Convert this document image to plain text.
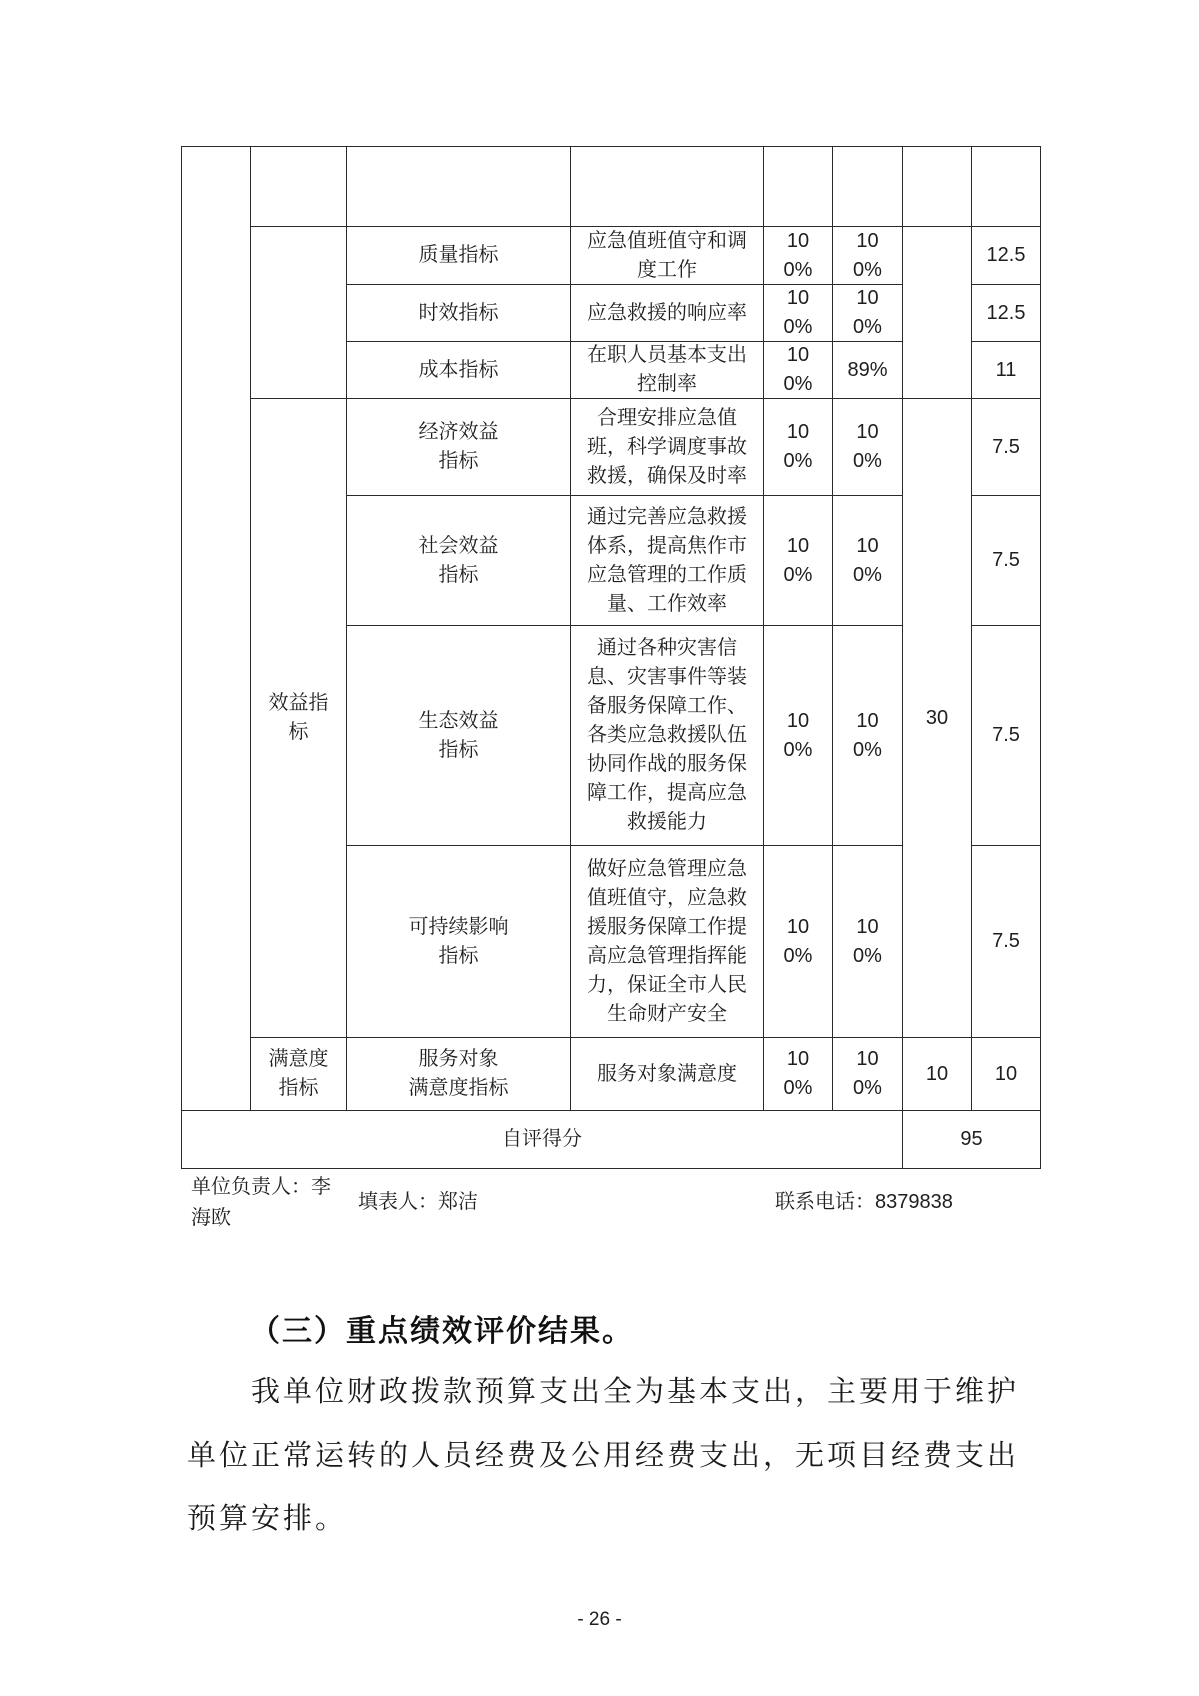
效益指标
满意度指标
质量指标
时效指标
成本指标
经济效益
指标
社会效益
指标
生态效益
指标
可持续影响
指标
服务对象
满意度指标
应急值班值守和调度工作
应急救援的响应率
在职人员基本支出控制率
合理安排应急值班，科学调度事故救援，确保及时率
通过完善应急救援体系，提高焦作市应急管理的工作质量、工作效率
通过各种灾害信息、灾害事件等装备服务保障工作、各类应急救援队伍协同作战的服务保障工作，提高应急救援能力
做好应急管理应急值班值守，应急救援服务保障工作提高应急管理指挥能力，保证全市人民生命财产安全
服务对象满意度
100%
100%
100%
100%
100%
100%
100%
100%
100%
100%
89%
100%
100%
100%
100%
100%
30
10
12.5
12.5
11
7.5
7.5
7.5
7.5
10
自评得分	95
单位负责人：李海欧
填表人：郑洁	联系电话：8379838
（三）重点绩效评价结果。

我单位财政拨款预算支出全为基本支出，主要用于维护单位正常运转的人员经费及公用经费支出，无项目经费支出预算安排。

- 26 -
